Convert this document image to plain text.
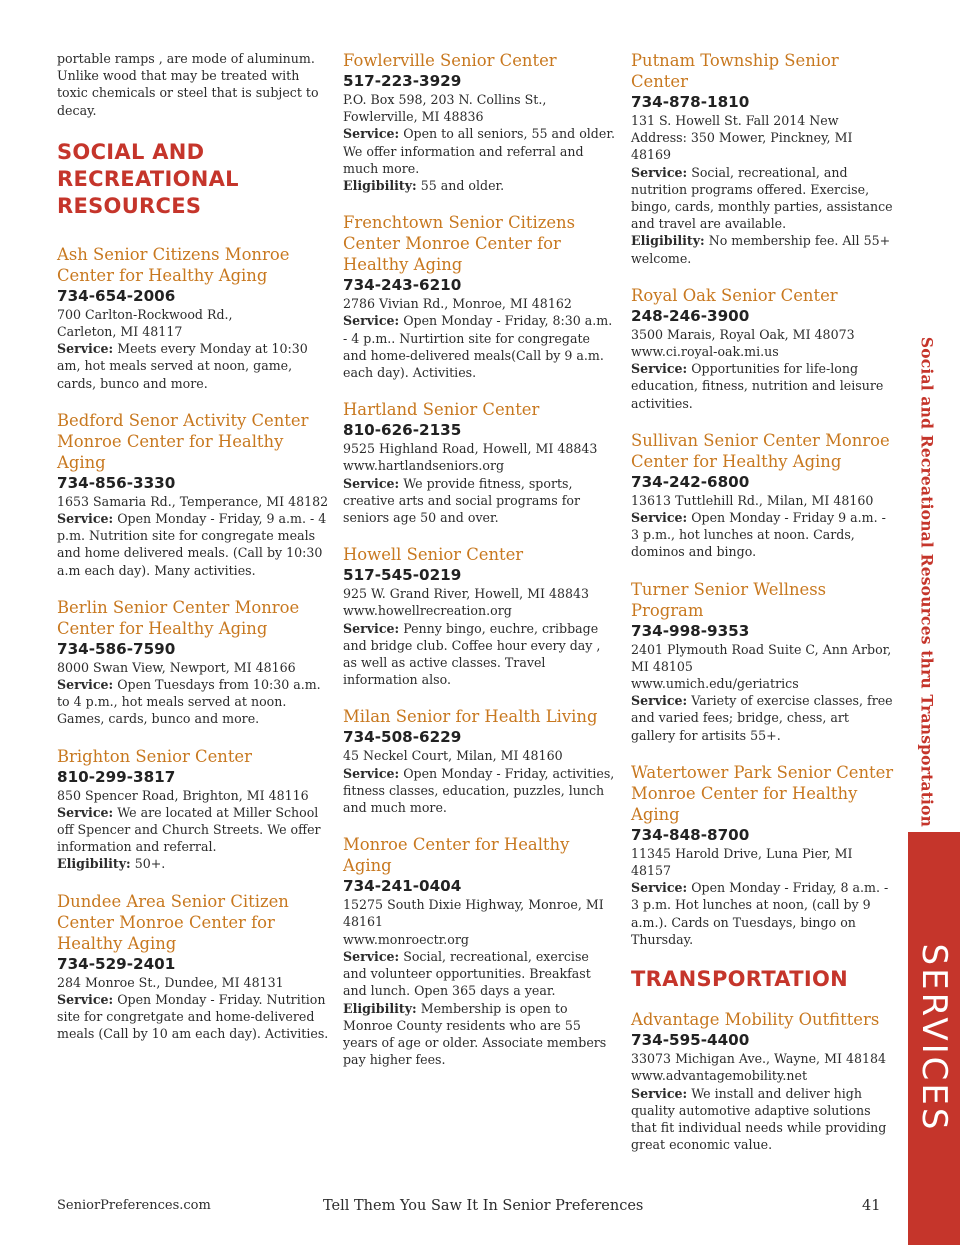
portable ramps , are mode of aluminum. Unlike wood that may be treated with toxic chemicals or steel that is subject to decay.

SOCIAL AND RECREATIONAL RESOURCES
Ash Senior Citizens Monroe Center for Healthy Aging
734-654-2006

700 Carlton-Rockwood Rd.,

Carleton, MI 48117

Service: Meets every Monday at 10:30 am, hot meals served at noon, game, cards, bunco and more.

Bedford Senor Activity Center Monroe Center for Healthy Aging
734-856-3330

1653 Samaria Rd., Temperance, MI 48182

Service: Open Monday - Friday, 9 a.m. - 4 p.m. Nutrition site for congregate meals and home delivered meals. (Call by 10:30 a.m each day). Many activities.

Berlin Senior Center Monroe Center for Healthy Aging
734-586-7590

8000 Swan View, Newport, MI 48166

Service: Open Tuesdays from 10:30 a.m. to 4 p.m., hot meals served at noon. Games, cards, bunco and more.

Brighton Senior Center
810-299-3817

850 Spencer Road, Brighton, MI 48116

Service: We are located at Miller School off Spencer and Church Streets. We offer information and referral.

Eligibility: 50+.

Dundee Area Senior Citizen Center Monroe Center for Healthy Aging
734-529-2401

284 Monroe St., Dundee, MI 48131

Service: Open Monday - Friday. Nutrition site for congretgate and home-delivered meals (Call by 10 am each day). Activities.

Fowlerville Senior Center
517-223-3929

P.O. Box 598, 203 N. Collins St., Fowlerville, MI 48836

Service: Open to all seniors, 55 and older. We offer information and referral and much more.

Eligibility: 55 and older.

Frenchtown Senior Citizens Center Monroe Center for Healthy Aging
734-243-6210

2786 Vivian Rd., Monroe, MI 48162

Service: Open Monday - Friday, 8:30 a.m. - 4 p.m.. Nurtirtion site for congregate and home-delivered meals(Call by 9 a.m. each day). Activities.

Hartland Senior Center
810-626-2135

9525 Highland Road, Howell, MI 48843

www.hartlandseniors.org

Service: We provide fitness, sports, creative arts and social programs for seniors age 50 and over.

Howell Senior Center
517-545-0219

925 W. Grand River, Howell, MI 48843

www.howellrecreation.org

Service: Penny bingo, euchre, cribbage and bridge club. Coffee hour every day , as well as active classes. Travel information also.

Milan Senior for Health Living
734-508-6229

45 Neckel Court, Milan, MI 48160

Service: Open Monday - Friday, activities, fitness classes, education, puzzles, lunch and much more.

Monroe Center for Healthy Aging
734-241-0404

15275 South Dixie Highway, Monroe, MI 48161

www.monroectr.org

Service: Social, recreational, exercise and volunteer opportunities. Breakfast and lunch. Open 365 days a year.

Eligibility: Membership is open to Monroe County residents who are 55 years of age or older. Associate members pay higher fees.

Putnam Township Senior Center
734-878-1810

131 S. Howell St. Fall 2014 New Address: 350 Mower, Pinckney, MI 48169

Service: Social, recreational, and nutrition programs offered. Exercise, bingo, cards, monthly parties, assistance and travel are available.

Eligibility: No membership fee. All 55+ welcome.

Royal Oak Senior Center
248-246-3900

3500 Marais, Royal Oak, MI 48073

www.ci.royal-oak.mi.us

Service: Opportunities for life-long education, fitness, nutrition and leisure activities.

Sullivan Senior Center Monroe Center for Healthy Aging
734-242-6800

13613 Tuttlehill Rd., Milan, MI 48160

Service: Open Monday - Friday 9 a.m. - 3 p.m., hot lunches at noon. Cards, dominos and bingo.

Turner Senior Wellness Program
734-998-9353

2401 Plymouth Road Suite C, Ann Arbor, MI 48105

www.umich.edu/geriatrics

Service: Variety of exercise classes, free and varied fees; bridge, chess, art gallery for artisits 55+.

Watertower Park Senior Center Monroe Center for Healthy Aging
734-848-8700

11345 Harold Drive, Luna Pier, MI 48157

Service: Open Monday - Friday, 8 a.m. - 3 p.m. Hot lunches at noon, (call by 9 a.m.). Cards on Tuesdays, bingo on Thursday.

TRANSPORTATION
Advantage Mobility Outfitters
734-595-4400

33073 Michigan Ave., Wayne, MI 48184

www.advantagemobility.net

Service: We install and deliver high quality automotive adaptive solutions that fit individual needs while providing great economic value.

Social and Recreational Resources thru Transportation
SERVICES
SeniorPreferences.com	Tell Them You Saw It In Senior Preferences	41
